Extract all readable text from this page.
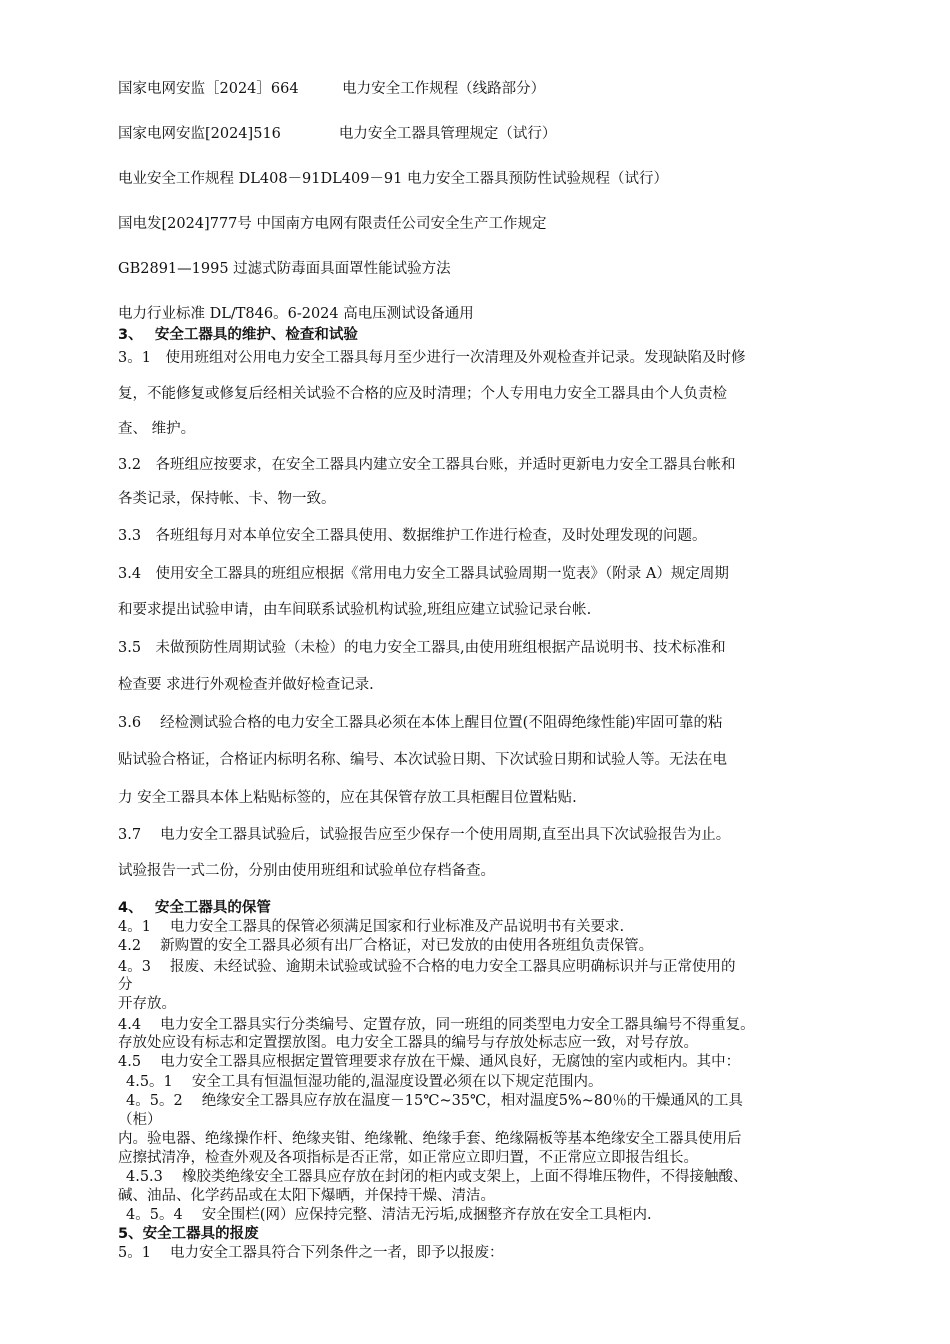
国家电网安监［2024］664　　　电力安全工作规程（线路部分）
国家电网安监[2024]516　　　　电力安全工器具管理规定（试行）
电业安全工作规程 DL408－91DL409－91 电力安全工器具预防性试验规程（试行）
国电发[2024]777号 中国南方电网有限责任公司安全生产工作规定
GB2891—1995 过滤式防毒面具面罩性能试验方法
电力行业标准 DL/T846。6-2024 高电压测试设备通用
3、　 安全工器具的维护、检查和试验
3。1　使用班组对公用电力安全工器具每月至少进行一次清理及外观检查并记录。发现缺陷及时修
复，不能修复或修复后经相关试验不合格的应及时清理；个人专用电力安全工器具由个人负责检
查、 维护。
3.2　各班组应按要求，在安全工器具内建立安全工器具台账，并适时更新电力安全工器具台帐和
各类记录，保持帐、卡、物一致。
3.3　各班组每月对本单位安全工器具使用、数据维护工作进行检查，及时处理发现的问题。
3.4　使用安全工器具的班组应根据《常用电力安全工器具试验周期一览表》（附录 A）规定周期
和要求提出试验申请，由车间联系试验机构试验,班组应建立试验记录台帐.
3.5　未做预防性周期试验（未检）的电力安全工器具,由使用班组根据产品说明书、技术标准和
检查要 求进行外观检查并做好检查记录.
3.6　 经检测试验合格的电力安全工器具必须在本体上醒目位置(不阻碍绝缘性能)牢固可靠的粘
贴试验合格证，合格证内标明名称、编号、本次试验日期、下次试验日期和试验人等。无法在电
力 安全工器具本体上粘贴标签的，应在其保管存放工具柜醒目位置粘贴.
3.7　 电力安全工器具试验后，试验报告应至少保存一个使用周期,直至出具下次试验报告为止。
试验报告一式二份，分别由使用班组和试验单位存档备查。
4、　 安全工器具的保管
4。1　 电力安全工器具的保管必须满足国家和行业标准及产品说明书有关要求.
4.2　 新购置的安全工器具必须有出厂合格证，对已发放的由使用各班组负责保管。
4。3　 报废、未经试验、逾期未试验或试验不合格的电力安全工器具应明确标识并与正常使用的
分
开存放。
4.4　 电力安全工器具实行分类编号、定置存放，同一班组的同类型电力安全工器具编号不得重复。
存放处应设有标志和定置摆放图。电力安全工器具的编号与存放处标志应一致，对号存放。
4.5　 电力安全工器具应根据定置管理要求存放在干燥、通风良好，无腐蚀的室内或柜内。其中：
4.5。1　 安全工具有恒温恒湿功能的,温湿度设置必须在以下规定范围内。
4。5。2　 绝缘安全工器具应存放在温度－15℃~35℃，相对温度5%~80％的干燥通风的工具
（柜）
内。验电器、绝缘操作杆、绝缘夹钳、绝缘靴、绝缘手套、绝缘隔板等基本绝缘安全工器具使用后
应擦拭清净，检查外观及各项指标是否正常，如正常应立即归置，不正常应立即报告组长。
4.5.3　 橡胶类绝缘安全工器具应存放在封闭的柜内或支架上，上面不得堆压物件，不得接触酸、
碱、油品、化学药品或在太阳下爆晒，并保持干燥、清洁。
4。5。4　 安全围栏(网）应保持完整、清洁无污垢,成捆整齐存放在安全工具柜内.
5、安全工器具的报废
5。1　 电力安全工器具符合下列条件之一者，即予以报废：
